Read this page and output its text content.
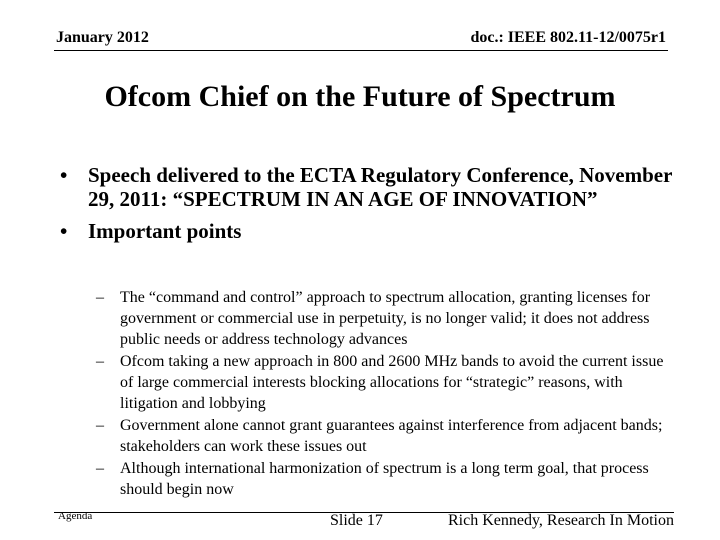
January 2012	doc.: IEEE 802.11-12/0075r1
Ofcom Chief on the Future of Spectrum
• Speech delivered to the ECTA Regulatory Conference, November 29, 2011: “SPECTRUM IN AN AGE OF INNOVATION”
• Important points
– The “command and control” approach to spectrum allocation, granting licenses for government or commercial use in perpetuity, is no longer valid; it does not address public needs or address technology advances
– Ofcom taking a new approach in 800 and 2600 MHz bands to avoid the current issue of large commercial interests blocking allocations for “strategic” reasons, with litigation and lobbying
– Government alone cannot grant guarantees against interference from adjacent bands; stakeholders can work these issues out
– Although international harmonization of spectrum is a long term goal, that process should begin now
Agenda	Slide 17	Rich Kennedy, Research In Motion
